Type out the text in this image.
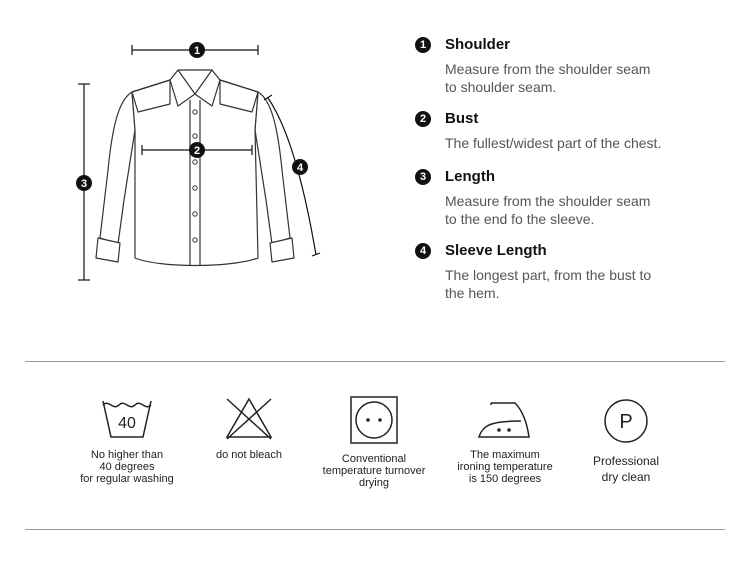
1
2
3
4
1	Shoulder
Measure from the shoulder seam
to shoulder seam.
2	Bust
The fullest/widest part of the chest.
3	Length
Measure from the shoulder seam
to the end fo the sleeve.
4	Sleeve Length
The longest part, from the bust to
the hem.
40
No higher than
40 degrees
for regular washing
do not bleach	Conventional
temperature turnover
drying
The maximum
ironing temperature
is 150 degrees
P
Professional
dry clean
